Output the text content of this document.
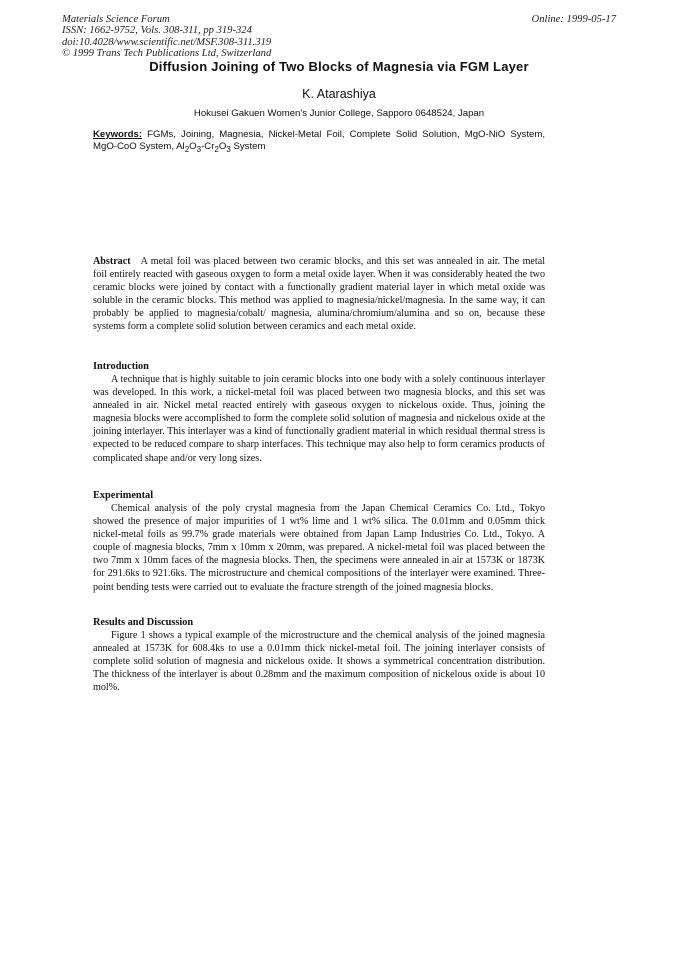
Materials Science Forum
ISSN: 1662-9752, Vols. 308-311, pp 319-324
doi:10.4028/www.scientific.net/MSF.308-311.319
© 1999 Trans Tech Publications Ltd, Switzerland
Online: 1999-05-17
Diffusion Joining of Two Blocks of Magnesia via FGM Layer
K. Atarashiya
Hokusei Gakuen Women's Junior College, Sapporo 0648524, Japan
Keywords: FGMs, Joining, Magnesia, Nickel-Metal Foil, Complete Solid Solution, MgO-NiO System, MgO-CoO System, $Al_2O_3-Cr_2O_3$ System
Abstract A metal foil was placed between two ceramic blocks, and this set was annealed in air. The metal foil entirely reacted with gaseous oxygen to form a metal oxide layer. When it was considerably heated the two ceramic blocks were joined by contact with a functionally gradient material layer in which metal oxide was soluble in the ceramic blocks. This method was applied to magnesia/nickel/magnesia. In the same way, it can probably be applied to magnesia/cobalt/ magnesia, alumina/chromium/alumina and so on, because these systems form a complete solid solution between ceramics and each metal oxide.
Introduction
A technique that is highly suitable to join ceramic blocks into one body with a solely continuous interlayer was developed. In this work, a nickel-metal foil was placed between two magnesia blocks, and this set was annealed in air. Nickel metal reacted entirely with gaseous oxygen to nickelous oxide. Thus, joining the magnesia blocks were accomplished to form the complete solid solution of magnesia and nickelous oxide at the joining interlayer. This interlayer was a kind of functionally gradient material in which residual thermal stress is expected to be reduced compare to sharp interfaces. This technique may also help to form ceramics products of complicated shape and/or very long sizes.
Experimental
Chemical analysis of the poly crystal magnesia from the Japan Chemical Ceramics Co. Ltd., Tokyo showed the presence of major impurities of 1 wt% lime and 1 wt% silica. The 0.01mm and 0.05mm thick nickel-metal foils as 99.7% grade materials were obtained from Japan Lamp Industries Co. Ltd., Tokyo. A couple of magnesia blocks, 7mm x 10mm x 20mm, was prepared. A nickel-metal foil was placed between the two 7mm x 10mm faces of the magnesia blocks. Then, the specimens were annealed in air at 1573K or 1873K for 291.6ks to 921.6ks. The microstructure and chemical compositions of the interlayer were examined. Three-point bending tests were carried out to evaluate the fracture strength of the joined magnesia blocks.
Results and Discussion
Figure 1 shows a typical example of the microstructure and the chemical analysis of the joined magnesia annealed at 1573K for 608.4ks to use a 0.01mm thick nickel-metal foil. The joining interlayer consists of complete solid solution of magnesia and nickelous oxide. It shows a symmetrical concentration distribution. The thickness of the interlayer is about 0.28mm and the maximum composition of nickelous oxide is about 10 mol%.
